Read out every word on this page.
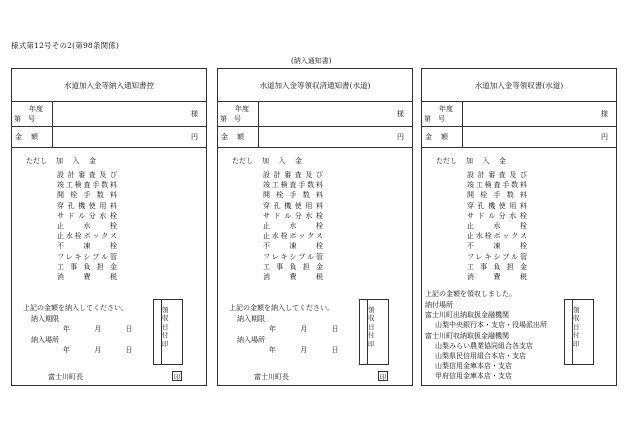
様式第12号その2(第98条関係)
(納入通知書)
水道加入金等納入通知書控
年度
第号
様
金額	円
ただし 加入金
設計審査及び
竣工検査手数料
開栓手数料
穿孔機使用料
サドル分水栓
止水栓
止水栓ボックス
不凍栓
フレキシブル管
工事負担金
消費税
上記の金額を納入してください。
納入期限
年 月 日
納入場所
年 月 日
領収日付印
富士川町長	印
水道加入金等領収済通知書(水道)
年度
第号
様
金額	円
ただし 加入金
設計審査及び
竣工検査手数料
開栓手数料
穿孔機使用料
サドル分水栓
止水栓
止水栓ボックス
不凍栓
フレキシブル管
工事負担金
消費税
上記の金額を納入してください。
納入期限
年 月 日
納入場所
年 月 日
領収日付印
富士川町長	印
水道加入金等領収書(水道)
年度
第号
様
金額	円
ただし 加入金
設計審査及び
竣工検査手数料
開栓手数料
穿孔機使用料
サドル分水栓
止水栓
止水栓ボックス
不凍栓
フレキシブル管
工事負担金
消費税
上記の金額を領収しました。
納付場所
富士川町出納取扱金融機関
山梨中央銀行本・支店・役場派出所
富士川町収納取扱金融機関
山梨みらい農業協同組合各支店
山梨県民信用組合本店・支店
山梨信用金庫本店・支店
甲府信用金庫本店・支店
領収日付印
